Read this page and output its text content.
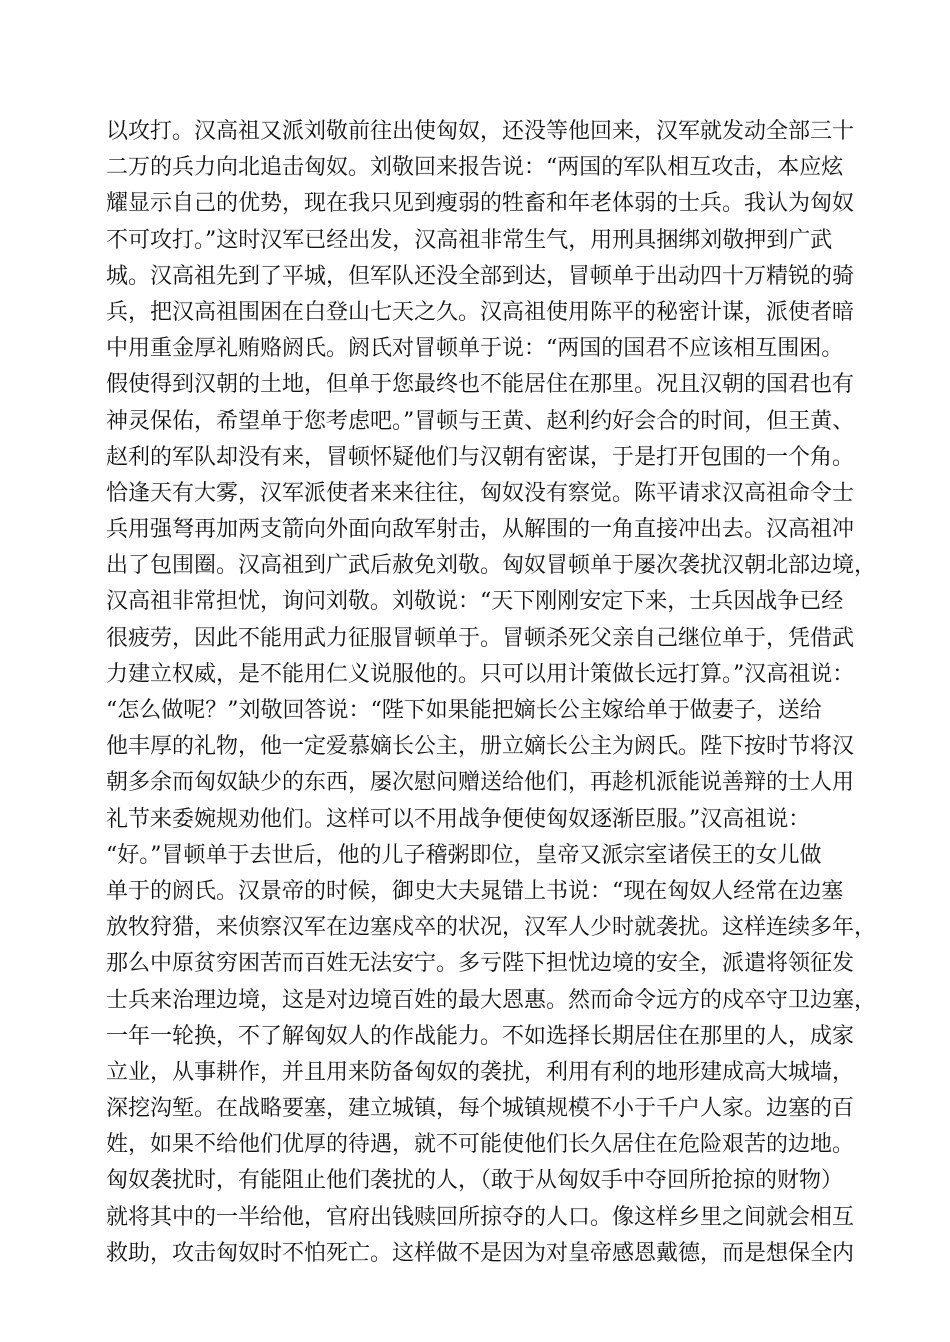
以攻打。汉高祖又派刘敬前往出使匈奴，还没等他回来，汉军就发动全部三十
二万的兵力向北追击匈奴。刘敬回来报告说：“两国的军队相互攻击，本应炫
耀显示自己的优势，现在我只见到瘦弱的牲畜和年老体弱的士兵。我认为匈奴
不可攻打。”这时汉军已经出发，汉高祖非常生气，用刑具捆绑刘敬押到广武
城。汉高祖先到了平城，但军队还没全部到达，冒顿单于出动四十万精锐的骑
兵，把汉高祖围困在白登山七天之久。汉高祖使用陈平的秘密计谋，派使者暗
中用重金厚礼贿赂阏氏。阏氏对冒顿单于说：“两国的国君不应该相互围困。
假使得到汉朝的土地，但单于您最终也不能居住在那里。况且汉朝的国君也有
神灵保佑，希望单于您考虑吧。”冒顿与王黄、赵利约好会合的时间，但王黄、
赵利的军队却没有来，冒顿怀疑他们与汉朝有密谋，于是打开包围的一个角。
恰逢天有大雾，汉军派使者来来往往，匈奴没有察觉。陈平请求汉高祖命令士
兵用强弩再加两支箭向外面向敌军射击，从解围的一角直接冲出去。汉高祖冲
出了包围圈。汉高祖到广武后赦免刘敬。匈奴冒顿单于屡次袭扰汉朝北部边境，
汉高祖非常担忧，询问刘敬。刘敬说：“天下刚刚安定下来，士兵因战争已经
很疲劳，因此不能用武力征服冒顿单于。冒顿杀死父亲自己继位单于，凭借武
力建立权威，是不能用仁义说服他的。只可以用计策做长远打算。”汉高祖说：
“怎么做呢？”刘敬回答说：“陛下如果能把嫡长公主嫁给单于做妻子，送给
他丰厚的礼物，他一定爱慕嫡长公主，册立嫡长公主为阏氏。陛下按时节将汉
朝多余而匈奴缺少的东西，屡次慰问赠送给他们，再趁机派能说善辩的士人用
礼节来委婉规劝他们。这样可以不用战争便使匈奴逐渐臣服。”汉高祖说：
“好。”冒顿单于去世后，他的儿子稽粥即位，皇帝又派宗室诸侯王的女儿做
单于的阏氏。汉景帝的时候，御史大夫晁错上书说：“现在匈奴人经常在边塞
放牧狩猎，来侦察汉军在边塞戍卒的状况，汉军人少时就袭扰。这样连续多年，
那么中原贫穷困苦而百姓无法安宁。多亏陛下担忧边境的安全，派遣将领征发
士兵来治理边境，这是对边境百姓的最大恩惠。然而命令远方的戍卒守卫边塞，
一年一轮换，不了解匈奴人的作战能力。不如选择长期居住在那里的人，成家
立业，从事耕作，并且用来防备匈奴的袭扰，利用有利的地形建成高大城墙，
深挖沟堑。在战略要塞，建立城镇，每个城镇规模不小于千户人家。边塞的百
姓，如果不给他们优厚的待遇，就不可能使他们长久居住在危险艰苦的边地。
匈奴袭扰时，有能阻止他们袭扰的人，（敢于从匈奴手中夺回所抢掠的财物）
就将其中的一半给他，官府出钱赎回所掠夺的人口。像这样乡里之间就会相互
救助，攻击匈奴时不怕死亡。这样做不是因为对皇帝感恩戴德，而是想保全内
